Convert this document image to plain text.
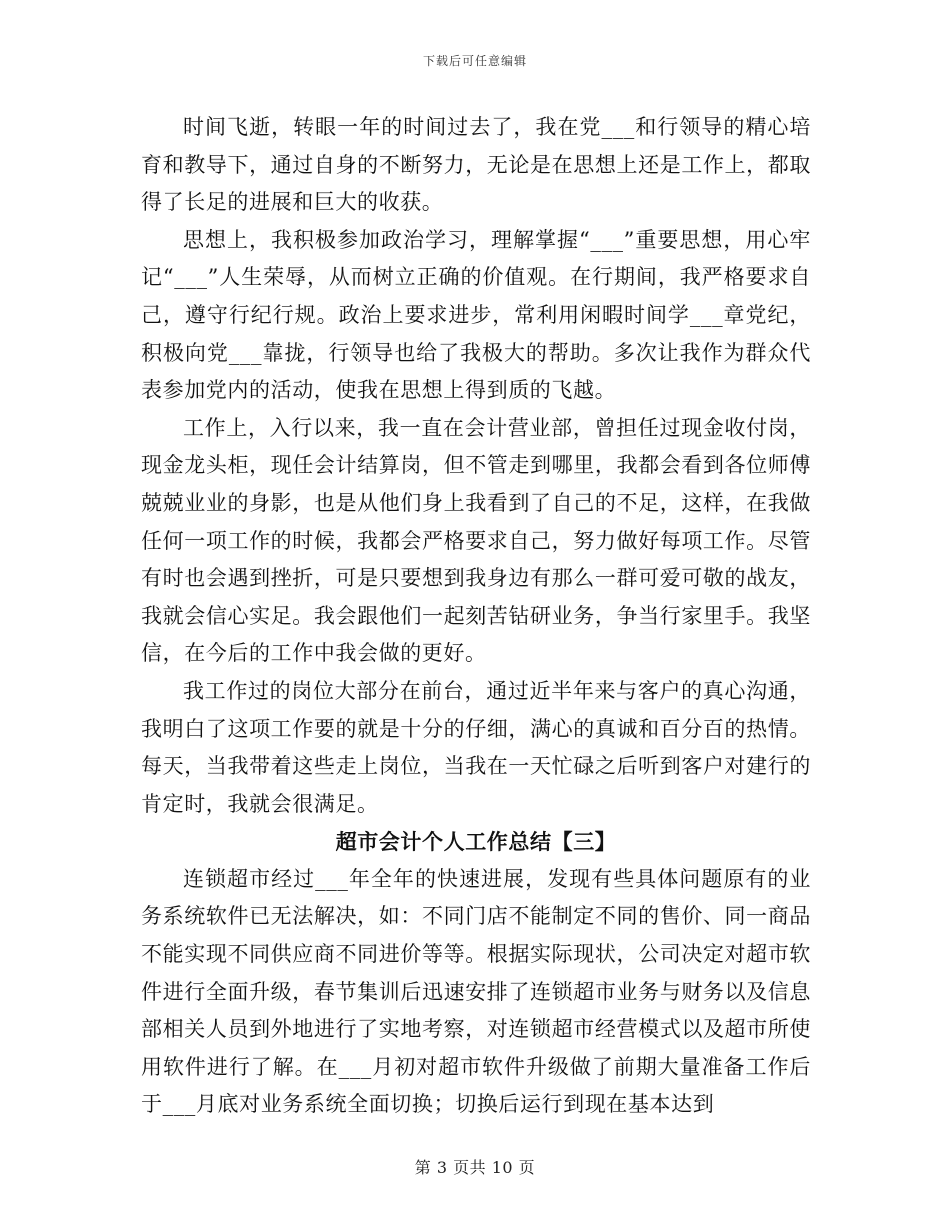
下载后可任意编辑

时间飞逝，转眼一年的时间过去了，我在党___和行领导的精心培育和教导下，通过自身的不断努力，无论是在思想上还是工作上，都取得了长足的进展和巨大的收获。

思想上，我积极参加政治学习，理解掌握“___”重要思想，用心牢记“___”人生荣辱，从而树立正确的价值观。在行期间，我严格要求自己，遵守行纪行规。政治上要求进步，常利用闲暇时间学___章党纪，积极向党___靠拢，行领导也给了我极大的帮助。多次让我作为群众代表参加党内的活动，使我在思想上得到质的飞越。

工作上，入行以来，我一直在会计营业部，曾担任过现金收付岗，现金龙头柜，现任会计结算岗，但不管走到哪里，我都会看到各位师傅兢兢业业的身影，也是从他们身上我看到了自己的不足，这样，在我做任何一项工作的时候，我都会严格要求自己，努力做好每项工作。尽管有时也会遇到挫折，可是只要想到我身边有那么一群可爱可敬的战友，我就会信心实足。我会跟他们一起刻苦钻研业务，争当行家里手。我坚信，在今后的工作中我会做的更好。

我工作过的岗位大部分在前台，通过近半年来与客户的真心沟通，我明白了这项工作要的就是十分的仔细，满心的真诚和百分百的热情。每天，当我带着这些走上岗位，当我在一天忙碌之后听到客户对建行的肯定时，我就会很满足。

超市会计个人工作总结【三】

连锁超市经过___年全年的快速进展，发现有些具体问题原有的业务系统软件已无法解决，如：不同门店不能制定不同的售价、同一商品不能实现不同供应商不同进价等等。根据实际现状，公司决定对超市软件进行全面升级，春节集训后迅速安排了连锁超市业务与财务以及信息部相关人员到外地进行了实地考察，对连锁超市经营模式以及超市所使用软件进行了解。在___月初对超市软件升级做了前期大量准备工作后于___月底对业务系统全面切换；切换后运行到现在基本达到

第 3 页共 10 页
